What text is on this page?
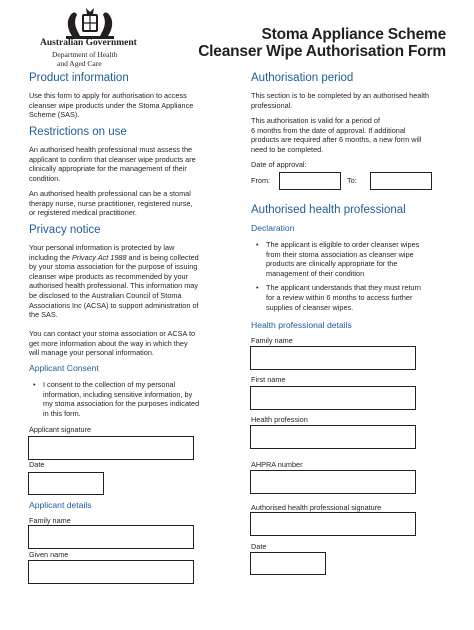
Australian Government
Department of Health
and Aged Care
Stoma Appliance Scheme
Cleanser Wipe Authorisation Form
Product information

Use this form to apply for authorisation to access

cleanser wipe products under the Stoma Appliance

Scheme (SAS).

Restrictions on use

An authorised health professional must assess the

applicant to confirm that cleanser wipe products are

clinically appropriate for the management of their

condition.

An authorised health professional can be a stomal

therapy nurse, nurse practitioner, registered nurse,

or registered medical practitioner.

Privacy notice

Your personal information is protected by law

including the Privacy Act 1988 and is being collected

by your stoma association for the purpose of issuing

cleanser wipe products as recommended by your

authorised health professional. This information may

be disclosed to the Australian Council of Stoma

Associations Inc (ACSA) to support administration of

the SAS.

You can contact your stoma association or ACSA to

get more information about the way in which they

will manage your personal information.

Applicant Consent
• I consent to the collection of my personal
information, including sensitive information, by
my stoma association for the purposes indicated
in this form.
Applicant signature
Date
Applicant details
Family name
Given name
Authorisation period

This section is to be completed by an authorised health

professional.

This authorisation is valid for a period of

6 months from the date of approval. If additional

products are required after 6 months, a new form will

need to be completed.

Date of approval:
From:	To:
Authorised health professional
Declaration
• The applicant is eligible to order cleanser wipes
from their stoma association as cleanser wipe
products are clinically appropriate for the
management of their condition
• The applicant understands that they must return
for a review within 6 months to access further
supplies of cleanser wipes.
Health professional details
Family name
First name
Health profession
AHPRA number
Authorised health professional signature
Date
